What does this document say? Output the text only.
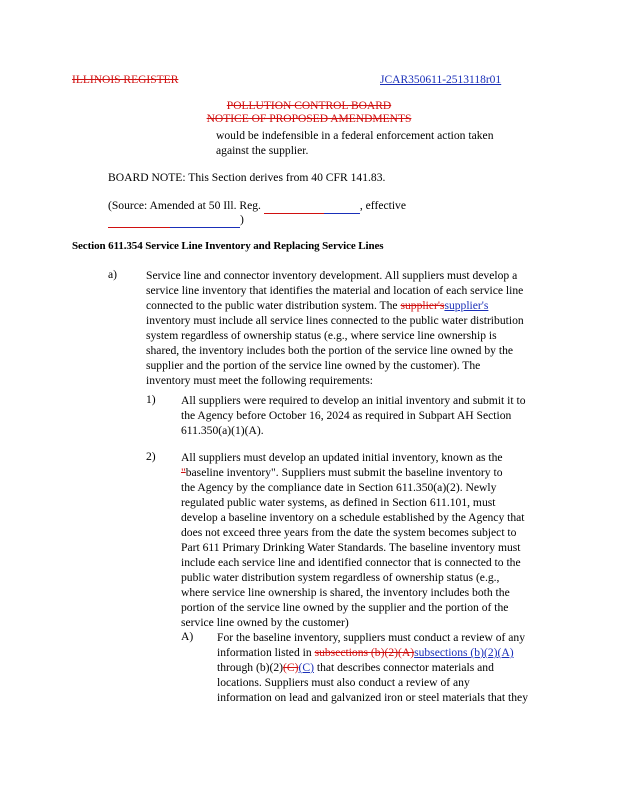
ILLINOIS REGISTER	JCAR350611-2513118r01
POLLUTION CONTROL BOARD
NOTICE OF PROPOSED AMENDMENTS
would be indefensible in a federal enforcement action taken
against the supplier.
BOARD NOTE: This Section derives from 40 CFR 141.83.
(Source: Amended at 50 Ill. Reg.	, effective
)
Section 611.354 Service Line Inventory and Replacing Service Lines
a) Service line and connector inventory development. All suppliers must develop a
service line inventory that identifies the material and location of each service line
connected to the public water distribution system. The supplier'ssupplier's
inventory must include all service lines connected to the public water distribution
system regardless of ownership status (e.g., where service line ownership is
shared, the inventory includes both the portion of the service line owned by the
supplier and the portion of the service line owned by the customer). The
inventory must meet the following requirements:
1) All suppliers were required to develop an initial inventory and submit it to
the Agency before October 16, 2024 as required in Subpart AH Section
611.350(a)(1)(A).
2) All suppliers must develop an updated initial inventory, known as the
"baseline inventory". Suppliers must submit the baseline inventory to
the Agency by the compliance date in Section 611.350(a)(2). Newly
regulated public water systems, as defined in Section 611.101, must
develop a baseline inventory on a schedule established by the Agency that
does not exceed three years from the date the system becomes subject to
Part 611 Primary Drinking Water Standards. The baseline inventory must
include each service line and identified connector that is connected to the
public water distribution system regardless of ownership status (e.g.,
where service line ownership is shared, the inventory includes both the
portion of the service line owned by the supplier and the portion of the
service line owned by the customer)
A) For the baseline inventory, suppliers must conduct a review of any
information listed in subsections (b)(2)(A)subsections (b)(2)(A)
through (b)(2)(C)(C) that describes connector materials and
locations. Suppliers must also conduct a review of any
information on lead and galvanized iron or steel materials that they
